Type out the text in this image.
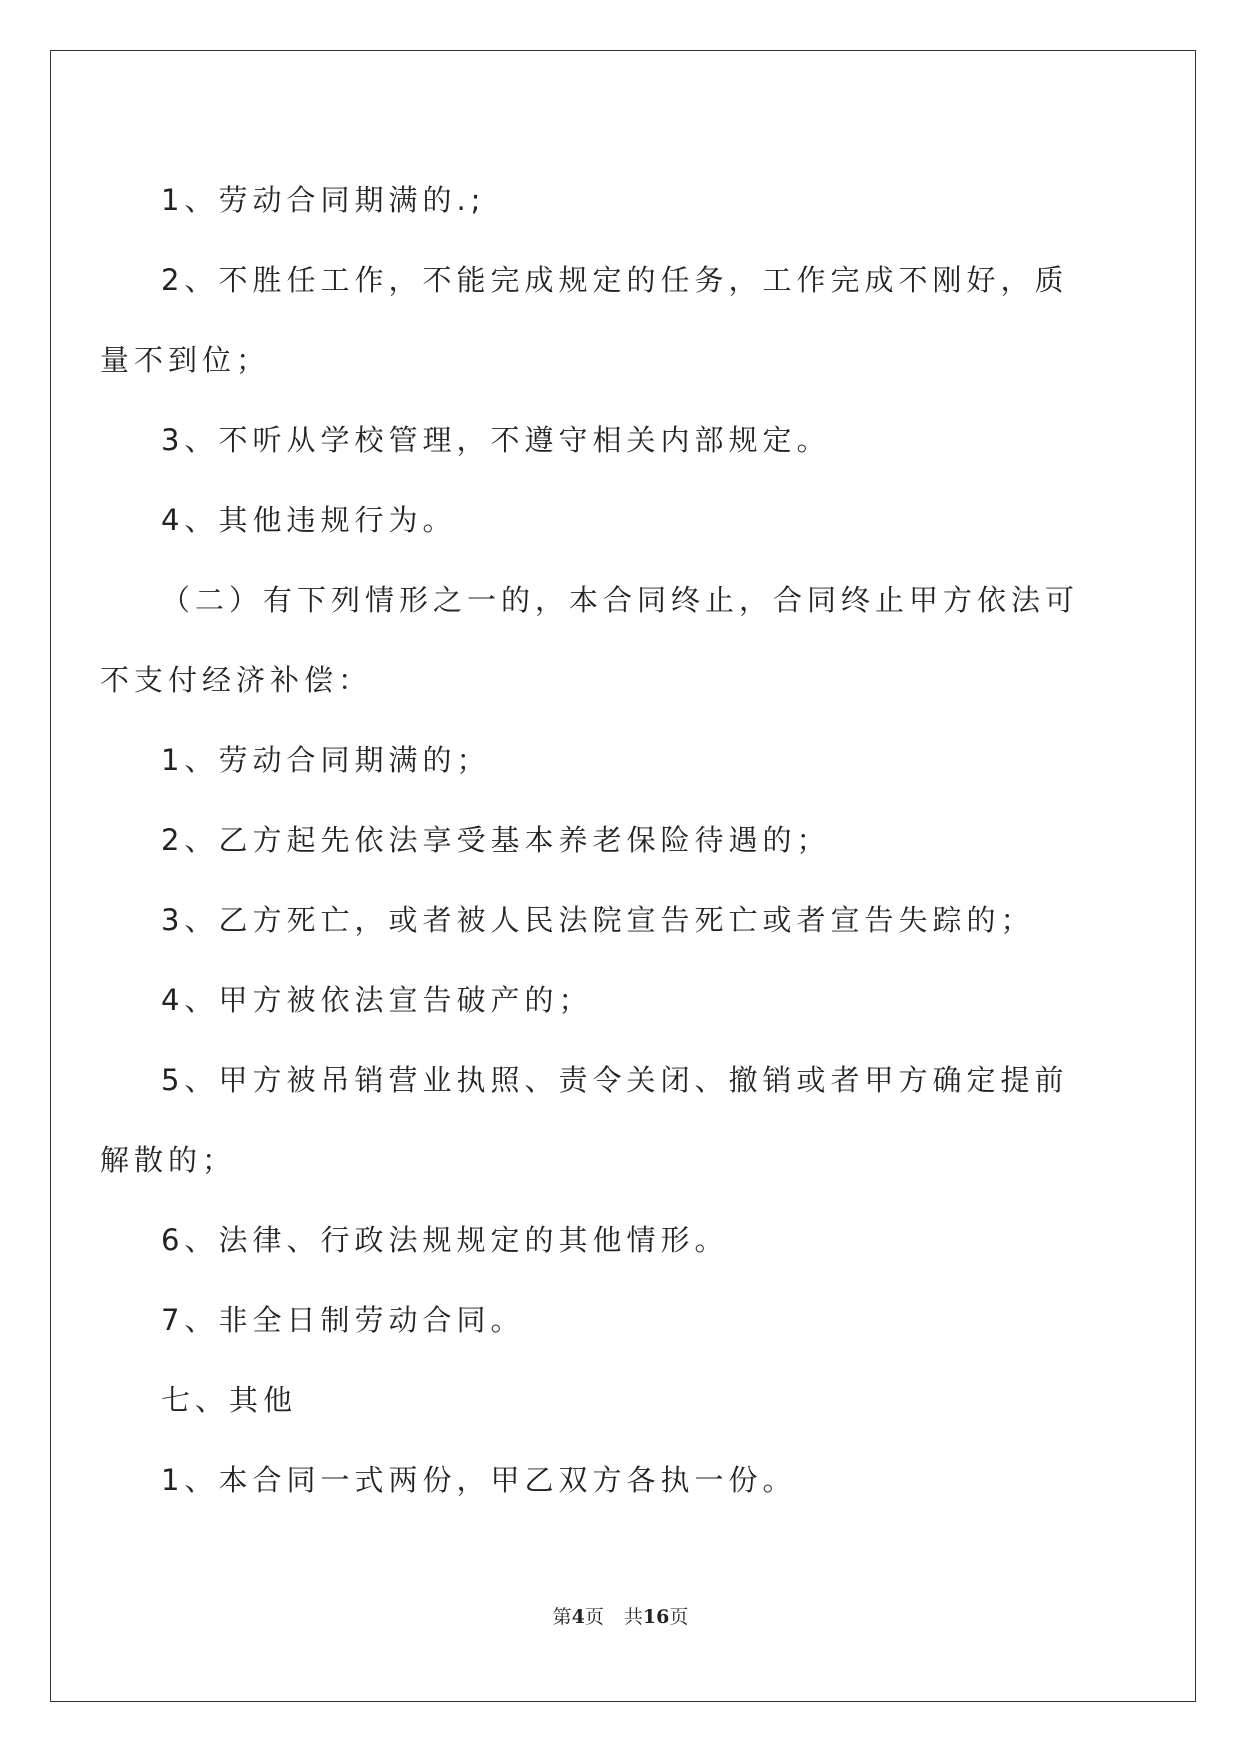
1、劳动合同期满的.;

2、不胜任工作，不能完成规定的任务，工作完成不刚好，质量不到位；

3、不听从学校管理，不遵守相关内部规定。

4、其他违规行为。

（二）有下列情形之一的，本合同终止，合同终止甲方依法可不支付经济补偿：

1、劳动合同期满的；

2、乙方起先依法享受基本养老保险待遇的；

3、乙方死亡，或者被人民法院宣告死亡或者宣告失踪的；

4、甲方被依法宣告破产的；

5、甲方被吊销营业执照、责令关闭、撤销或者甲方确定提前解散的；

6、法律、行政法规规定的其他情形。

7、非全日制劳动合同。

七、其他

1、本合同一式两份，甲乙双方各执一份。

第4页 共16页
